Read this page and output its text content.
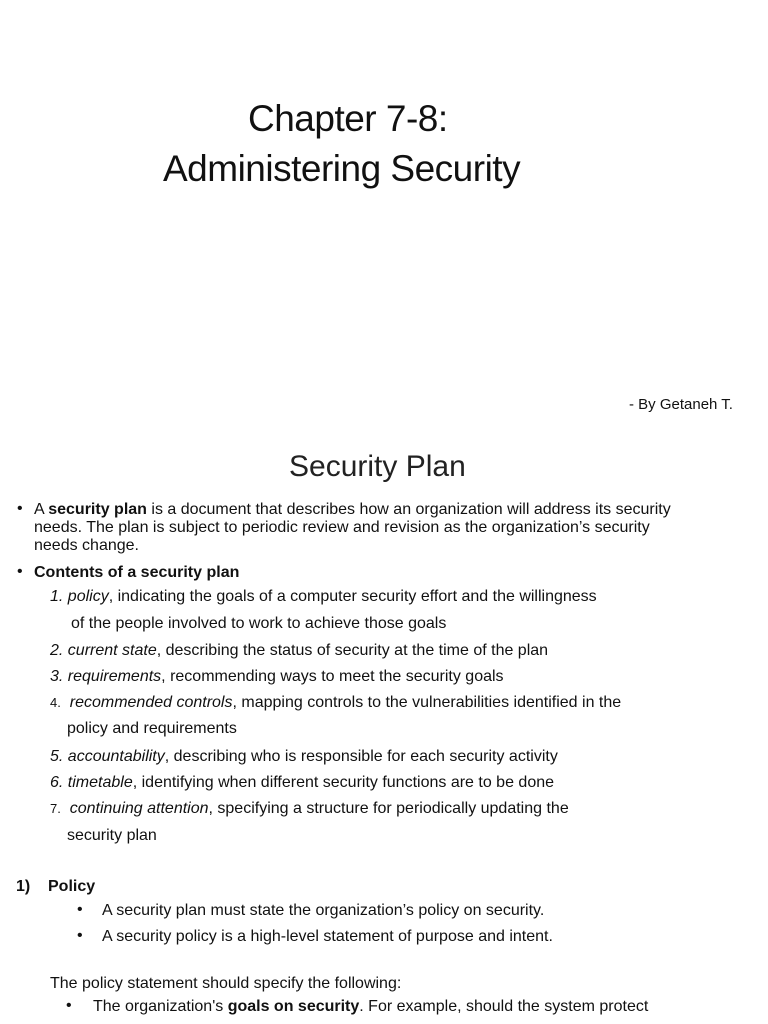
Chapter 7-8:
Administering Security
- By Getaneh T.
Security Plan
• A security plan is a document that describes how an organization will address its security
needs. The plan is subject to periodic review and revision as the organization’s security
needs change.
• Contents of a security plan
1. policy, indicating the goals of a computer security effort and the willingness
of the people involved to work to achieve those goals
2. current state, describing the status of security at the time of the plan
3. requirements, recommending ways to meet the security goals
4. recommended controls, mapping controls to the vulnerabilities identified in the
policy and requirements
5. accountability, describing who is responsible for each security activity
6. timetable, identifying when different security functions are to be done
7. continuing attention, specifying a structure for periodically updating the
security plan
1) Policy
• A security plan must state the organization’s policy on security.
• A security policy is a high-level statement of purpose and intent.
The policy statement should specify the following:
• The organization's goals on security. For example, should the system protect
